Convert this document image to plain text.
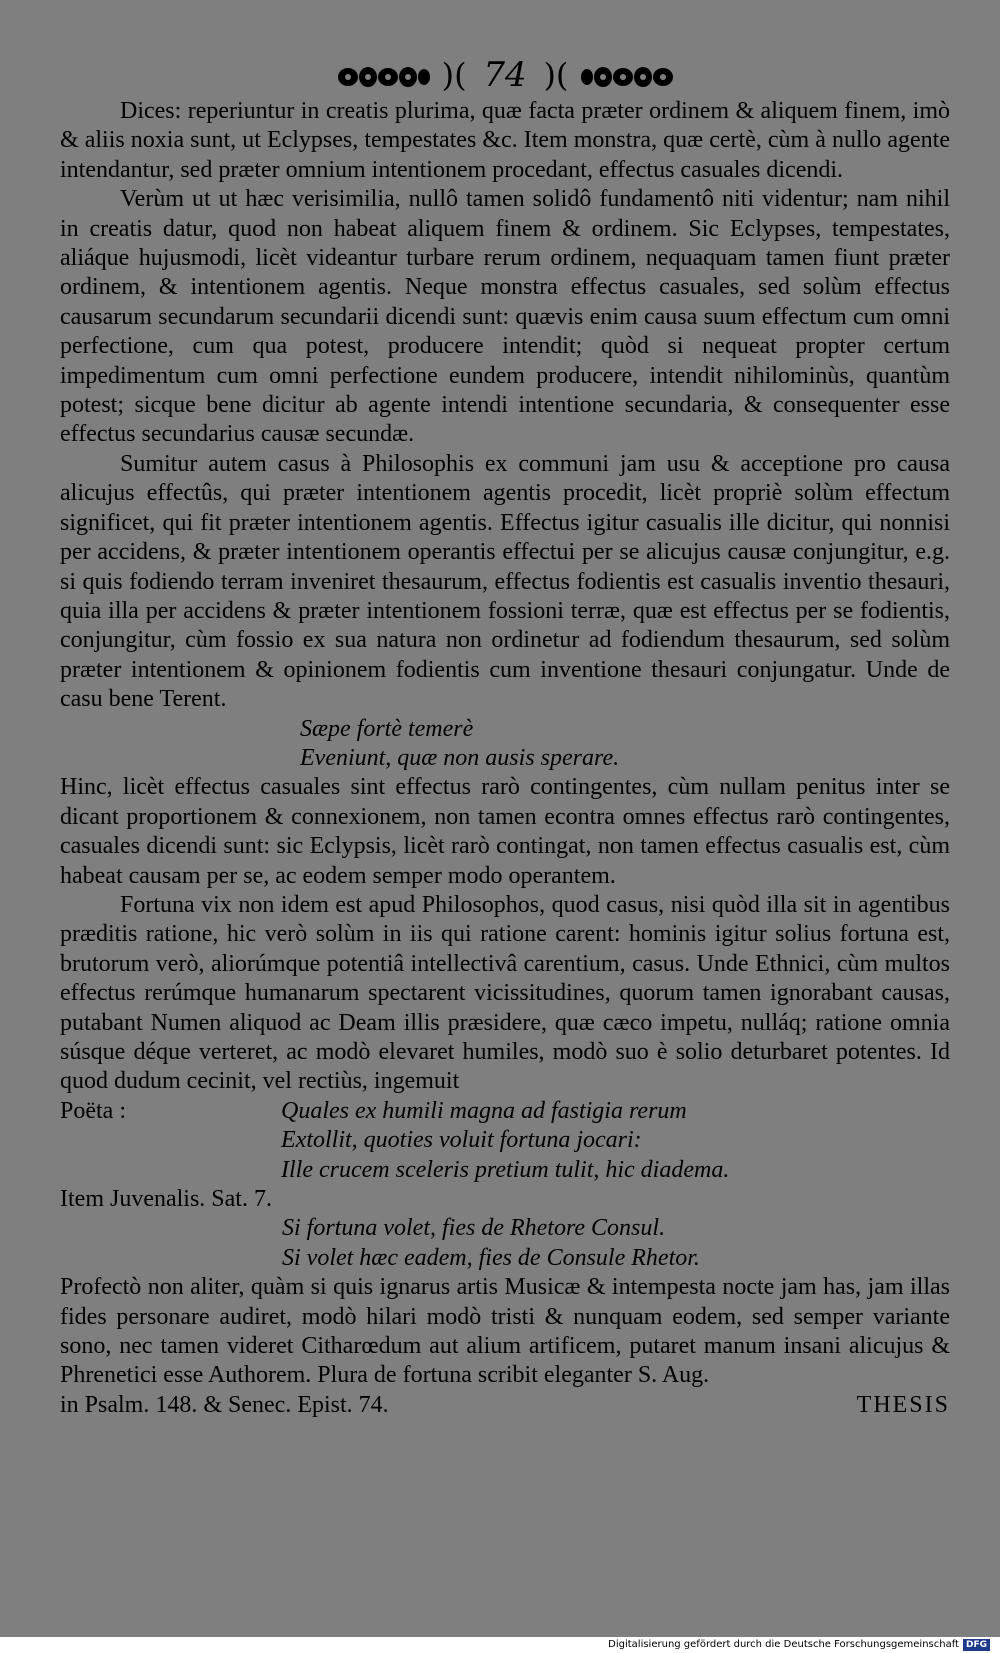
)( 74 )(

Dices: reperiuntur in creatis plurima, quæ facta præter ordinem & aliquem finem, imò & aliis noxia sunt, ut Eclypses, tempestates &c. Item monstra, quæ certè, cùm à nullo agente intendantur, sed præter omnium intentionem procedant, effectus casuales dicendi.

Verùm ut ut hæc verisimilia, nullô tamen solidô fundamentô niti videntur; nam nihil in creatis datur, quod non habeat aliquem finem & ordinem. Sic Eclypses, tempestates, aliáque hujusmodi, licèt videantur turbare rerum ordinem, nequaquam tamen fiunt præter ordinem, & intentionem agentis. Neque monstra effectus casuales, sed solùm effectus causarum secundarum secundarii dicendi sunt: quævis enim causa suum effectum cum omni perfectione, cum qua potest, producere intendit; quòd si nequeat propter certum impedimentum cum omni perfectione eundem producere, intendit nihilominùs, quantùm potest; sicque bene dicitur ab agente intendi intentione secundaria, & consequenter esse effectus secundarius causæ secundæ.

Sumitur autem casus à Philosophis ex communi jam usu & acceptione pro causa alicujus effectûs, qui præter intentionem agentis procedit, licèt propriè solùm effectum significet, qui fit præter intentionem agentis. Effectus igitur casualis ille dicitur, qui nonnisi per accidens, & præter intentionem operantis effectui per se alicujus causæ conjungitur, e.g. si quis fodiendo terram inveniret thesaurum, effectus fodientis est casualis inventio thesauri, quia illa per accidens & præter intentionem fossioni terræ, quæ est effectus per se fodientis, conjungitur, cùm fossio ex sua natura non ordinetur ad fodiendum thesaurum, sed solùm præter intentionem & opinionem fodientis cum inventione thesauri conjungatur. Unde de casu bene Terent.

Sæpe fortè temerè
Eveniunt, quæ non ausis sperare.

Hinc, licèt effectus casuales sint effectus rarò contingentes, cùm nullam penitus inter se dicant proportionem & connexionem, non tamen econtra omnes effectus rarò contingentes, casuales dicendi sunt: sic Eclypsis, licèt rarò contingat, non tamen effectus casualis est, cùm habeat causam per se, ac eodem semper modo operantem.

Fortuna vix non idem est apud Philosophos, quod casus, nisi quòd illa sit in agentibus præditis ratione, hic verò solùm in iis qui ratione carent: hominis igitur solius fortuna est, brutorum verò, aliorúmque potentiâ intellectivâ carentium, casus. Unde Ethnici, cùm multos effectus rerúmque humanarum spectarent vicissitudines, quorum tamen ignorabant causas, putabant Numen aliquod ac Deam illis præsidere, quæ cæco impetu, nulláq; ratione omnia súsque déque verteret, ac modò elevaret humiles, modò suo è solio deturbaret potentes. Id quod dudum cecinit, vel rectiùs, ingemuit

Poëta :	Quales ex humili magna ad fastigia rerum
Extollit, quoties voluit fortuna jocari:
Ille crucem sceleris pretium tulit, hic diadema.
Item Juvenalis. Sat. 7.
Si fortuna volet, fies de Rhetore Consul.
Si volet hæc eadem, fies de Consule Rhetor.

Profectò non aliter, quàm si quis ignarus artis Musicæ & intempesta nocte jam has, jam illas fides personare audiret, modò hilari modò tristi & nunquam eodem, sed semper variante sono, nec tamen videret Citharœdum aut alium artificem, putaret manum insani alicujus & Phrenetici esse Authorem. Plura de fortuna scribit eleganter S. Aug.

in Psalm. 148. & Senec. Epist. 74.	THESIS
Digitalisierung gefördert durch die Deutsche Forschungsgemeinschaft DFG
